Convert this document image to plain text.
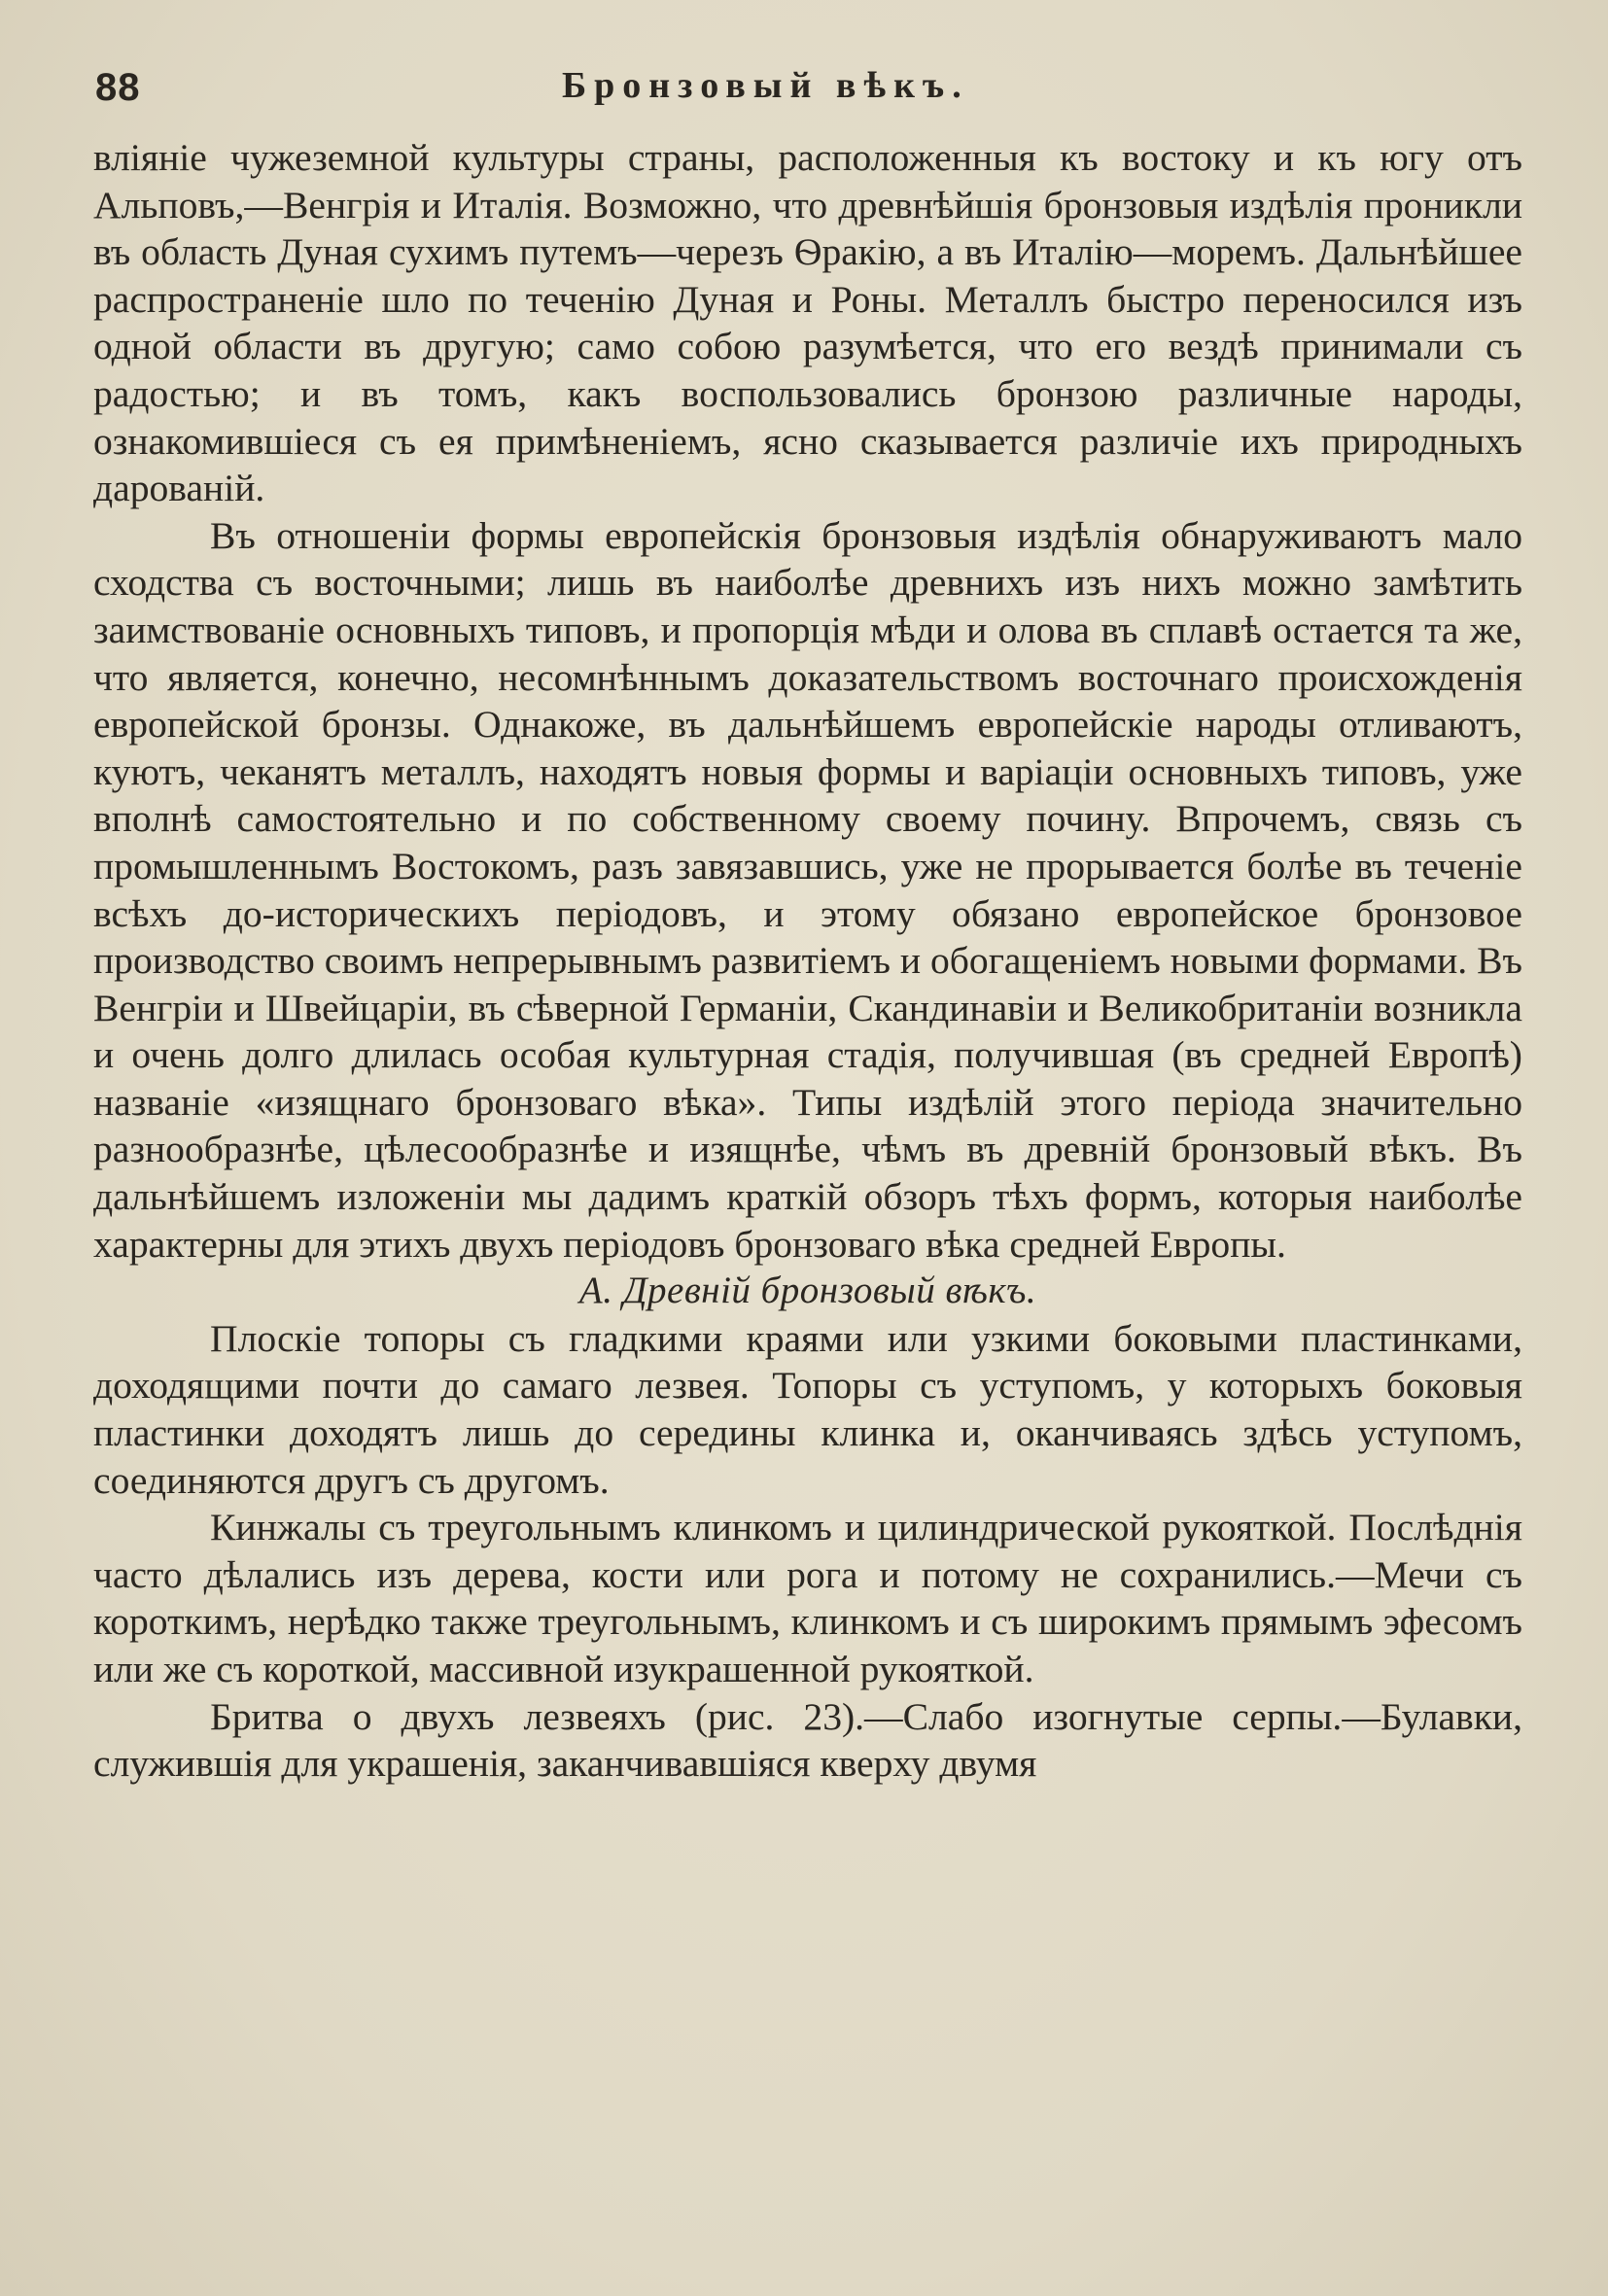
88	Бронзовый вѣкъ.

вліяніе чужеземной культуры страны, расположенныя къ востоку и къ югу отъ Альповъ,—Венгрія и Италія. Возможно, что древнѣйшія бронзовыя издѣлія проникли въ область Дуная сухимъ путемъ—черезъ Ѳракію, а въ Италію—моремъ. Дальнѣйшее распространеніе шло по теченію Дуная и Роны. Металлъ быстро переносился изъ одной области въ другую; само собою разумѣется, что его вездѣ принимали съ радостью; и въ томъ, какъ воспользовались бронзою различные народы, ознакомившіеся съ ея примѣненіемъ, ясно сказывается различіе ихъ природныхъ дарованій.

Въ отношеніи формы европейскія бронзовыя издѣлія обнаруживаютъ мало сходства съ восточными; лишь въ наиболѣе древнихъ изъ нихъ можно замѣтить заимствованіе основныхъ типовъ, и пропорція мѣди и олова въ сплавѣ остается та же, что является, конечно, несомнѣннымъ доказательствомъ восточнаго происхожденія европейской бронзы. Однакоже, въ дальнѣйшемъ европейскіе народы отливаютъ, куютъ, чеканятъ металлъ, находятъ новыя формы и варіаціи основныхъ типовъ, уже вполнѣ самостоятельно и по собственному своему почину. Впрочемъ, связь съ промышленнымъ Востокомъ, разъ завязавшись, уже не прорывается болѣе въ теченіе всѣхъ до-историческихъ періодовъ, и этому обязано европейское бронзовое производство своимъ непрерывнымъ развитіемъ и обогащеніемъ новыми формами. Въ Венгріи и Швейцаріи, въ сѣверной Германіи, Скандинавіи и Великобританіи возникла и очень долго длилась особая культурная стадія, получившая (въ средней Европѣ) названіе «изящнаго бронзоваго вѣка». Типы издѣлій этого періода значительно разнообразнѣе, цѣлесообразнѣе и изящнѣе, чѣмъ въ древній бронзовый вѣкъ. Въ дальнѣйшемъ изложеніи мы дадимъ краткій обзоръ тѣхъ формъ, которыя наиболѣе характерны для этихъ двухъ періодовъ бронзоваго вѣка средней Европы.

А. Древній бронзовый вѣкъ.

Плоскіе топоры съ гладкими краями или узкими боковыми пластинками, доходящими почти до самаго лезвея. Топоры съ уступомъ, у которыхъ боковыя пластинки доходятъ лишь до середины клинка и, оканчиваясь здѣсь уступомъ, соединяются другъ съ другомъ.

Кинжалы съ треугольнымъ клинкомъ и цилиндрической рукояткой. Послѣднія часто дѣлались изъ дерева, кости или рога и потому не сохранились.—Мечи съ короткимъ, нерѣдко также треугольнымъ, клинкомъ и съ широкимъ прямымъ эфесомъ или же съ короткой, массивной изукрашенной рукояткой.

Бритва о двухъ лезвеяхъ (рис. 23).—Слабо изогнутые серпы.—Булавки, служившія для украшенія, заканчивавшіяся кверху двумя
